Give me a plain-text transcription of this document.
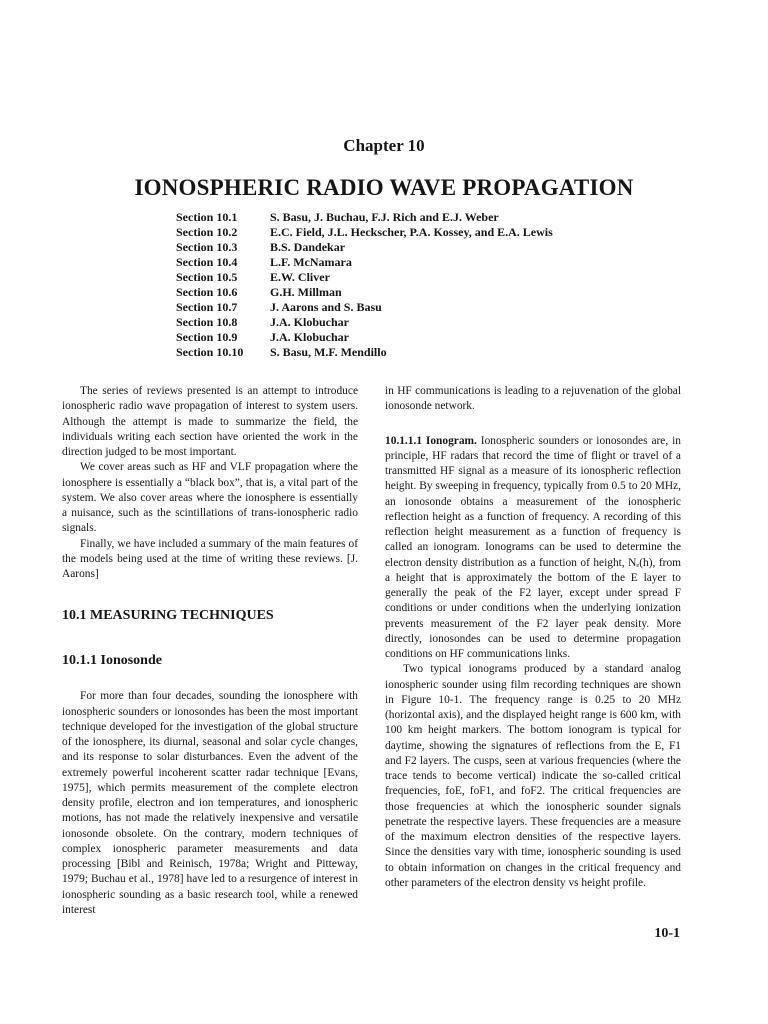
Chapter 10
IONOSPHERIC RADIO WAVE PROPAGATION
Section 10.1	S. Basu, J. Buchau, F.J. Rich and E.J. Weber
Section 10.2	E.C. Field, J.L. Heckscher, P.A. Kossey, and E.A. Lewis
Section 10.3	B.S. Dandekar
Section 10.4	L.F. McNamara
Section 10.5	E.W. Cliver
Section 10.6	G.H. Millman
Section 10.7	J. Aarons and S. Basu
Section 10.8	J.A. Klobuchar
Section 10.9	J.A. Klobuchar
Section 10.10	S. Basu, M.F. Mendillo

The series of reviews presented is an attempt to introduce ionospheric radio wave propagation of interest to system users. Although the attempt is made to summarize the field, the individuals writing each section have oriented the work in the direction judged to be most important.

We cover areas such as HF and VLF propagation where the ionosphere is essentially a “black box”, that is, a vital part of the system. We also cover areas where the ionosphere is essentially a nuisance, such as the scintillations of trans-ionospheric radio signals.

Finally, we have included a summary of the main features of the models being used at the time of writing these reviews. [J. Aarons]

10.1 MEASURING TECHNIQUES
10.1.1 Ionosonde

For more than four decades, sounding the ionosphere with ionospheric sounders or ionosondes has been the most important technique developed for the investigation of the global structure of the ionosphere, its diurnal, seasonal and solar cycle changes, and its response to solar disturbances. Even the advent of the extremely powerful incoherent scatter radar technique [Evans, 1975], which permits measurement of the complete electron density profile, electron and ion temperatures, and ionospheric motions, has not made the relatively inexpensive and versatile ionosonde obsolete. On the contrary, modern techniques of complex ionospheric parameter measurements and data processing [Bibl and Reinisch, 1978a; Wright and Pitteway, 1979; Buchau et al., 1978] have led to a resurgence of interest in ionospheric sounding as a basic research tool, while a renewed interest

in HF communications is leading to a rejuvenation of the global ionosonde network.

10.1.1.1 Ionogram. Ionospheric sounders or ionosondes are, in principle, HF radars that record the time of flight or travel of a transmitted HF signal as a measure of its ionospheric reflection height. By sweeping in frequency, typically from 0.5 to 20 MHz, an ionosonde obtains a measurement of the ionospheric reflection height as a function of frequency. A recording of this reflection height measurement as a function of frequency is called an ionogram. Ionograms can be used to determine the electron density distribution as a function of height, Nₑ(h), from a height that is approximately the bottom of the E layer to generally the peak of the F2 layer, except under spread F conditions or under conditions when the underlying ionization prevents measurement of the F2 layer peak density. More directly, ionosondes can be used to determine propagation conditions on HF communications links.

Two typical ionograms produced by a standard analog ionospheric sounder using film recording techniques are shown in Figure 10-1. The frequency range is 0.25 to 20 MHz (horizontal axis), and the displayed height range is 600 km, with 100 km height markers. The bottom ionogram is typical for daytime, showing the signatures of reflections from the E, F1 and F2 layers. The cusps, seen at various frequencies (where the trace tends to become vertical) indicate the so-called critical frequencies, foE, foF1, and foF2. The critical frequencies are those frequencies at which the ionospheric sounder signals penetrate the respective layers. These frequencies are a measure of the maximum electron densities of the respective layers. Since the densities vary with time, ionospheric sounding is used to obtain information on changes in the critical frequency and other parameters of the electron density vs height profile.

10-1
